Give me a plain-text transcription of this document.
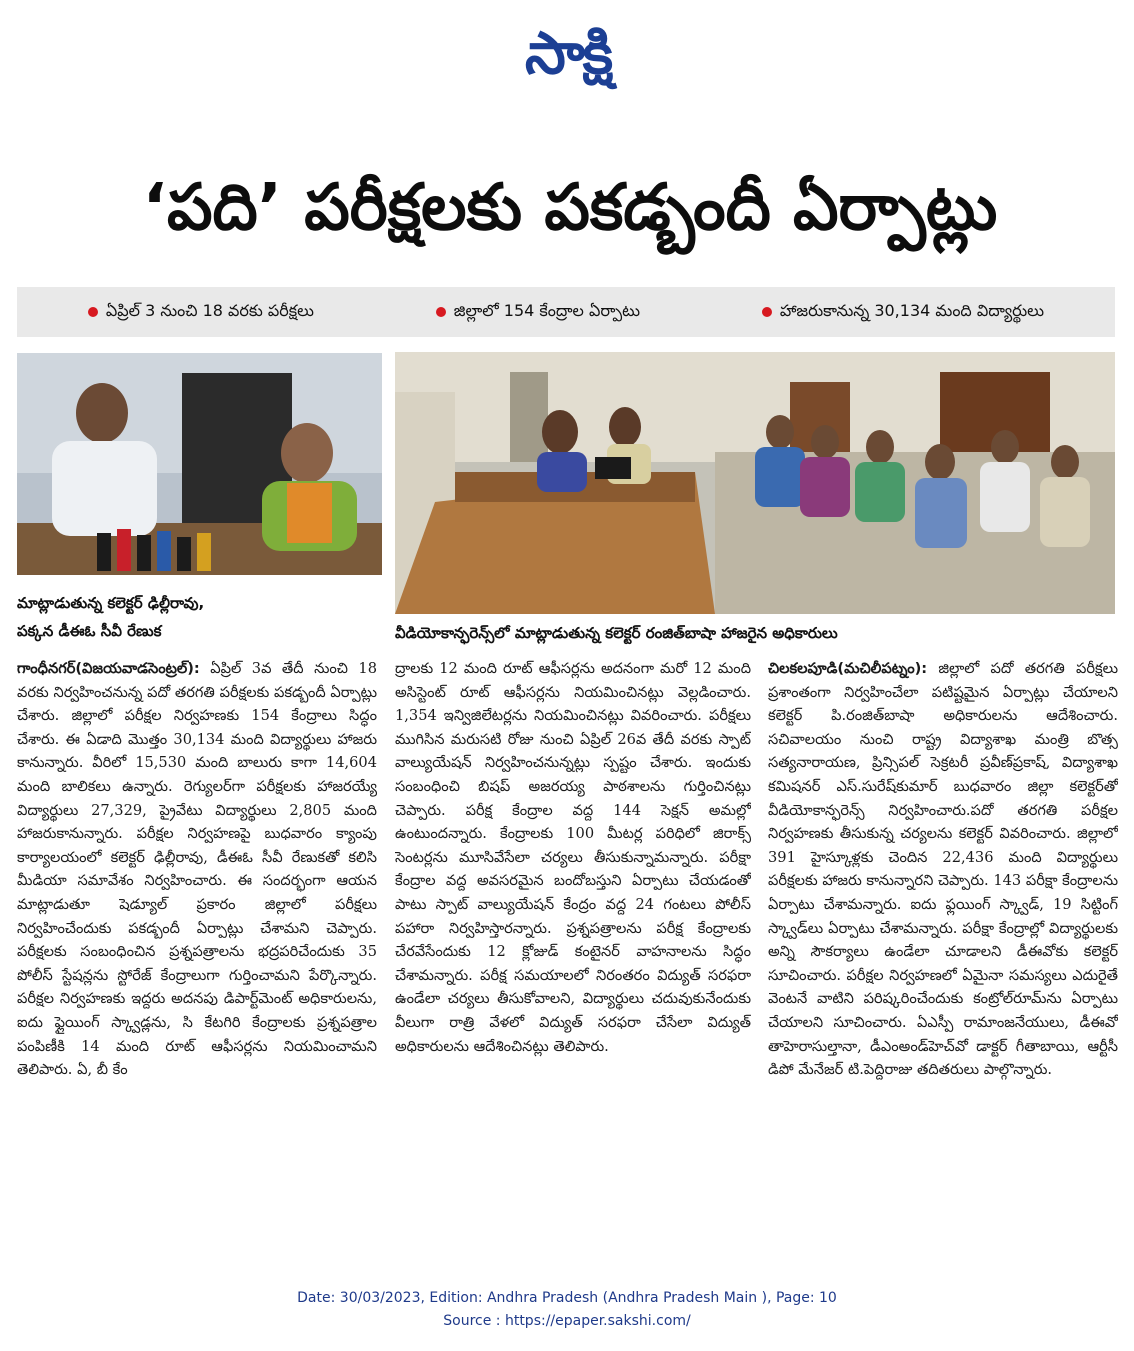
సాక్షి
‘పది’ పరీక్షలకు పకడ్బందీ ఏర్పాట్లు
ఏప్రిల్‌ 3 నుంచి 18 వరకు పరీక్షలు	జిల్లాలో 154 కేంద్రాల ఏర్పాటు	హాజరుకానున్న 30,134 మంది విద్యార్థులు
మాట్లాడుతున్న కలెక్టర్‌ ఢిల్లీరావు,
పక్కన డీఈఓ సీవీ రేణుక	వీడియోకాన్ఫరెన్స్‌లో మాట్లాడుతున్న కలెక్టర్‌ రంజిత్‌బాషా హాజరైన అధికారులు
గాంధీనగర్‌(విజయవాడసెంట్రల్‌): ఏప్రిల్‌ 3వ తేదీ నుంచి 18 వరకు నిర్వహించనున్న పదో తరగతి పరీక్షలకు పకడ్బందీ ఏర్పాట్లు చేశారు. జిల్లాలో పరీక్షల నిర్వహణకు 154 కేంద్రాలు సిద్ధం చేశారు. ఈ ఏడాది మొత్తం 30,134 మంది విద్యార్థులు హాజరు కానున్నారు. వీరిలో 15,530 మంది బాలురు కాగా 14,604 మంది బాలికలు ఉన్నారు. రెగ్యులర్‌గా పరీక్షలకు హాజరయ్యే విద్యార్థులు 27,329, ప్రైవేటు విద్యార్థులు 2,805 మంది హాజరుకానున్నారు. పరీక్షల నిర్వహణపై బుధవారం క్యాంపు కార్యాలయంలో కలెక్టర్‌ ఢిల్లీరావు, డీఈఓ సీవీ రేణుకతో కలిసి మీడియా సమావేశం నిర్వహించారు. ఈ సందర్భంగా ఆయన మాట్లాడుతూ షెడ్యూల్‌ ప్రకారం జిల్లాలో పరీక్షలు నిర్వహించేందుకు పకడ్బందీ ఏర్పాట్లు చేశామని చెప్పారు. పరీక్షలకు సంబంధించిన ప్రశ్నపత్రాలను భద్రపరిచేందుకు 35 పోలీస్‌ స్టేషన్లను స్టోరేజ్‌ కేంద్రాలుగా గుర్తించామని పేర్కొన్నారు. పరీక్షల నిర్వహణకు ఇద్దరు అదనపు డిపార్ట్‌మెంట్‌ అధికారులను, ఐదు ఫ్లైయింగ్‌ స్క్వాడ్లను, సి కేటగిరి కేంద్రాలకు ప్రశ్నపత్రాల పంపిణీకి 14 మంది రూట్‌ ఆఫీసర్లను నియమించామని తెలిపారు. ఏ, బీ కేం
ద్రాలకు 12 మంది రూట్‌ ఆఫీసర్లను అదనంగా మరో 12 మంది అసిస్టెంట్‌ రూట్‌ ఆఫీసర్లను నియమించినట్లు వెల్లడించారు. 1,354 ఇన్విజిలేటర్లను నియమించినట్లు వివరించారు. పరీక్షలు ముగిసిన మరుసటి రోజు నుంచి ఏప్రిల్‌ 26వ తేదీ వరకు స్పాట్‌ వాల్యుయేషన్‌ నిర్వహించనున్నట్లు స్పష్టం చేశారు. ఇందుకు సంబంధించి బిషప్‌ అజరయ్య పాఠశాలను గుర్తించినట్లు చెప్పారు. పరీక్ష కేంద్రాల వద్ద 144 సెక్షన్‌ అమల్లో ఉంటుందన్నారు. కేంద్రాలకు 100 మీటర్ల పరిధిలో జిరాక్స్‌ సెంటర్లను మూసివేసేలా చర్యలు తీసుకున్నామన్నారు. పరీక్షా కేంద్రాల వద్ద అవసరమైన బందోబస్తుని ఏర్పాటు చేయడంతో పాటు స్పాట్‌ వాల్యుయేషన్‌ కేంద్రం వద్ద 24 గంటలు పోలీస్‌ పహారా నిర్వహిస్తారన్నారు. ప్రశ్నపత్రాలను పరీక్ష కేంద్రాలకు చేరవేసేందుకు 12 క్లోజుడ్‌ కంటైనర్‌ వాహనాలను సిద్ధం చేశామన్నారు. పరీక్ష సమయాలలో నిరంతరం విద్యుత్‌ సరఫరా ఉండేలా చర్యలు తీసుకోవాలని, విద్యార్థులు చదువుకునేందుకు వీలుగా రాత్రి వేళలో విద్యుత్‌ సరఫరా చేసేలా విద్యుత్‌ అధికారులను ఆదేశించినట్లు తెలిపారు.
చిలకలపూడి(మచిలీపట్నం): జిల్లాలో పదో తరగతి పరీక్షలు ప్రశాంతంగా నిర్వహించేలా పటిష్టమైన ఏర్పాట్లు చేయాలని కలెక్టర్‌ పి.రంజిత్‌బాషా అధికారులను ఆదేశించారు. సచివాలయం నుంచి రాష్ట్ర విద్యాశాఖ మంత్రి బొత్స సత్యనారాయణ, ప్రిన్సిపల్‌ సెక్రటరీ ప్రవీణ్‌ప్రకాష్‌, విద్యాశాఖ కమిషనర్‌ ఎస్‌.సురేష్‌కుమార్‌ బుధవారం జిల్లా కలెక్టర్‌తో వీడియోకాన్ఫరెన్స్‌ నిర్వహించారు.పదో తరగతి పరీక్షల నిర్వహణకు తీసుకున్న చర్యలను కలెక్టర్‌ వివరించారు. జిల్లాలో 391 హైస్కూళ్లకు చెందిన 22,436 మంది విద్యార్థులు పరీక్షలకు హాజరు కానున్నారని చెప్పారు. 143 పరీక్షా కేంద్రాలను ఏర్పాటు చేశామన్నారు. ఐదు ఫ్లయింగ్‌ స్క్వాడ్‌, 19 సిట్టింగ్‌ స్క్వాడ్‌లు ఏర్పాటు చేశామన్నారు. పరీక్షా కేంద్రాల్లో విద్యార్థులకు అన్ని సౌకర్యాలు ఉండేలా చూడాలని డీఈవోకు కలెక్టర్‌ సూచించారు. పరీక్షల నిర్వహణలో ఏమైనా సమస్యలు ఎదురైతే వెంటనే వాటిని పరిష్కరించేందుకు కంట్రోల్‌రూమ్‌ను ఏర్పాటు చేయాలని సూచించారు. ఏఎస్పీ రామాంజనేయులు, డీఈవో తాహెరాసుల్తానా, డీఎంఅండ్‌హెచ్‌వో డాక్టర్‌ గీతాబాయి, ఆర్టీసీ డిపో మేనేజర్‌ టి.పెద్దిరాజు తదితరులు పాల్గొన్నారు.
Date: 30/03/2023, Edition: Andhra Pradesh (Andhra Pradesh Main ), Page: 10
Source : https://epaper.sakshi.com/
